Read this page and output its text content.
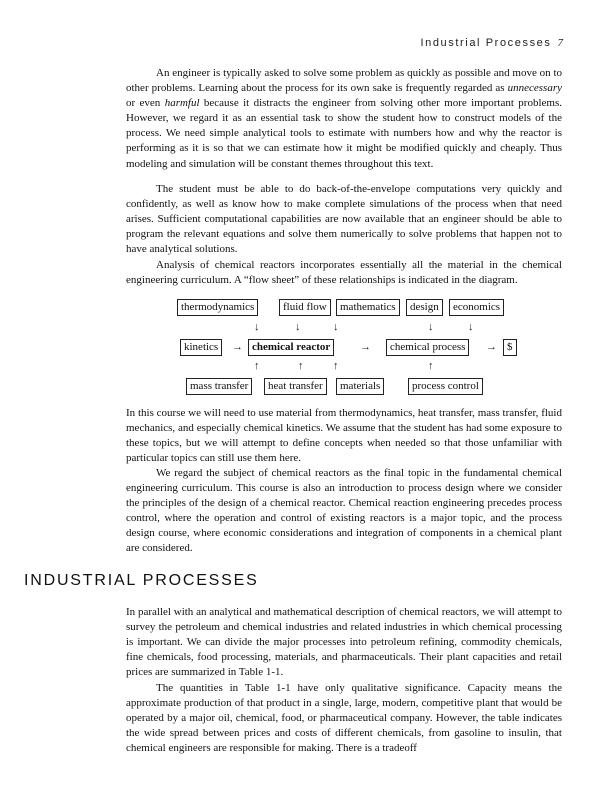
Industrial Processes 7

An engineer is typically asked to solve some problem as quickly as possible and move on to other problems. Learning about the process for its own sake is frequently regarded as unnecessary or even harmful because it distracts the engineer from solving other more important problems. However, we regard it as an essential task to show the student how to construct models of the process. We need simple analytical tools to estimate with numbers how and why the reactor is performing as it is so that we can estimate how it might be modified quickly and cheaply. Thus modeling and simulation will be constant themes throughout this text.

The student must be able to do back-of-the-envelope computations very quickly and confidently, as well as know how to make complete simulations of the process when that need arises. Sufficient computational capabilities are now available that an engineer should be able to program the relevant equations and solve them numerically to solve problems that happen not to have analytical solutions.

Analysis of chemical reactors incorporates essentially all the material in the chemical engineering curriculum. A “flow sheet” of these relationships is indicated in the diagram.

thermodynamics	fluid flow	mathematics	design	economics
↓	↓	↓	↓	↓
kinetics	→ chemical reactor	→	chemical process	→ $
↑	↑	↑	↑
mass transfer	heat transfer	materials	process control

In this course we will need to use material from thermodynamics, heat transfer, mass transfer, fluid mechanics, and especially chemical kinetics. We assume that the student has had some exposure to these topics, but we will attempt to define concepts when needed so that those unfamiliar with particular topics can still use them here.

We regard the subject of chemical reactors as the final topic in the fundamental chemical engineering curriculum. This course is also an introduction to process design where we consider the principles of the design of a chemical reactor. Chemical reaction engineering precedes process control, where the operation and control of existing reactors is a major topic, and the process design course, where economic considerations and integration of components in a chemical plant are considered.

INDUSTRIAL PROCESSES

In parallel with an analytical and mathematical description of chemical reactors, we will attempt to survey the petroleum and chemical industries and related industries in which chemical processing is important. We can divide the major processes into petroleum refining, commodity chemicals, fine chemicals, food processing, materials, and pharmaceuticals. Their plant capacities and retail prices are summarized in Table 1-1.

The quantities in Table 1-1 have only qualitative significance. Capacity means the approximate production of that product in a single, large, modern, competitive plant that would be operated by a major oil, chemical, food, or pharmaceutical company. However, the table indicates the wide spread between prices and costs of different chemicals, from gasoline to insulin, that chemical engineers are responsible for making. There is a tradeoff
